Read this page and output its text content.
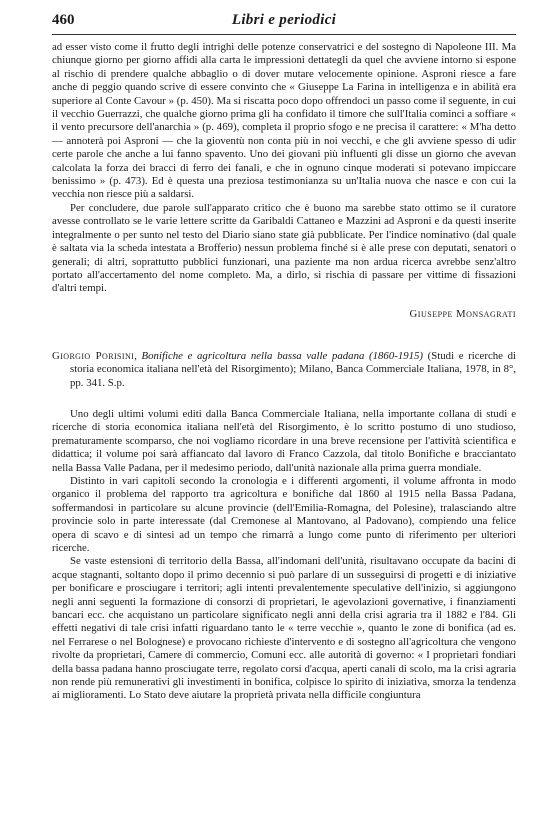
460	Libri e periodici

ad esser visto come il frutto degli intrighi delle potenze conservatrici e del sostegno di Napoleone III. Ma chiunque giorno per giorno affidi alla carta le impressioni dettategli da quel che avviene intorno si espone al rischio di prendere qualche abbaglio o di dover mutare velocemente opinione. Asproni riesce a fare anche di peggio quando scrive di essere convinto che « Giuseppe La Farina in intelligenza e in abilità era superiore al Conte Cavour » (p. 450). Ma si riscatta poco dopo offrendoci un passo come il seguente, in cui il vecchio Guerrazzi, che qualche giorno prima gli ha confidato il timore che sull'Italia cominci a soffiare « il vento precursore dell'anarchia » (p. 469), completa il proprio sfogo e ne precisa il carattere: « M'ha detto — annoterà poi Asproni — che la gioventù non conta più in noi vecchi, e che gli avviene spesso di udir certe parole che anche a lui fanno spavento. Uno dei giovani più influenti gli disse un giorno che avevan calcolata la forza dei bracci di ferro dei fanali, e che in ognuno cinque moderati si potevano impiccare benissimo » (p. 473). Ed è questa una preziosa testimonianza su un'Italia nuova che nasce e con cui la vecchia non riesce più a saldarsi.

Per concludere, due parole sull'apparato critico che è buono ma sarebbe stato ottimo se il curatore avesse controllato se le varie lettere scritte da Garibaldi Cattaneo e Mazzini ad Asproni e da questi inserite integralmente o per sunto nel testo del Diario siano state già pubblicate. Per l'indice nominativo (dal quale è saltata via la scheda intestata a Brofferio) nessun problema finché si è alle prese con deputati, senatori o generali; di altri, soprattutto pubblici funzionari, una paziente ma non ardua ricerca avrebbe senz'altro portato all'accertamento del nome completo. Ma, a dirlo, si rischia di passare per vittime di fissazioni d'altri tempi.

Giuseppe Monsagrati
Giorgio Porisini, Bonifiche e agricoltura nella bassa valle padana (1860-1915) (Studi e ricerche di storia economica italiana nell'età del Risorgimento); Milano, Banca Commerciale Italiana, 1978, in 8°, pp. 341. S.p.

Uno degli ultimi volumi editi dalla Banca Commerciale Italiana, nella importante collana di studi e ricerche di storia economica italiana nell'età del Risorgimento, è lo scritto postumo di uno studioso, prematuramente scomparso, che noi vogliamo ricordare in una breve recensione per l'attività scientifica e didattica; il volume poi sarà affiancato dal lavoro di Franco Cazzola, dal titolo Bonifiche e bracciantato nella Bassa Valle Padana, per il medesimo periodo, dall'unità nazionale alla prima guerra mondiale.

Distinto in vari capitoli secondo la cronologia e i differenti argomenti, il volume affronta in modo organico il problema del rapporto tra agricoltura e bonifiche dal 1860 al 1915 nella Bassa Padana, soffermandosi in particolare su alcune provincie (dell'Emilia-Romagna, del Polesine), tralasciando altre provincie solo in parte interessate (dal Cremonese al Mantovano, al Padovano), compiendo una felice opera di scavo e di sintesi ad un tempo che rimarrà a lungo come punto di riferimento per ulteriori ricerche.

Se vaste estensioni di territorio della Bassa, all'indomani dell'unità, risultavano occupate da bacini di acque stagnanti, soltanto dopo il primo decennio si può parlare di un susseguirsi di progetti e di iniziative per bonificare e prosciugare i territori; agli intenti prevalentemente speculative dell'inizio, si aggiungono negli anni seguenti la formazione di consorzi di proprietari, le agevolazioni governative, i finanziamenti bancari ecc. che acquistano un particolare significato negli anni della crisi agraria tra il 1882 e l'84. Gli effetti negativi di tale crisi infatti riguardano tanto le « terre vecchie », quanto le zone di bonifica (ad es. nel Ferrarese o nel Bolognese) e provocano richieste d'intervento e di sostegno all'agricoltura che vengono rivolte da proprietari, Camere di commercio, Comuni ecc. alle autorità di governo: « I proprietari fondiari della bassa padana hanno prosciugate terre, regolato corsi d'acqua, aperti canali di scolo, ma la crisi agraria non rende più remunerativi gli investimenti in bonifica, colpisce lo spirito di iniziativa, smorza la tendenza ai miglioramenti. Lo Stato deve aiutare la proprietà privata nella difficile congiuntura
